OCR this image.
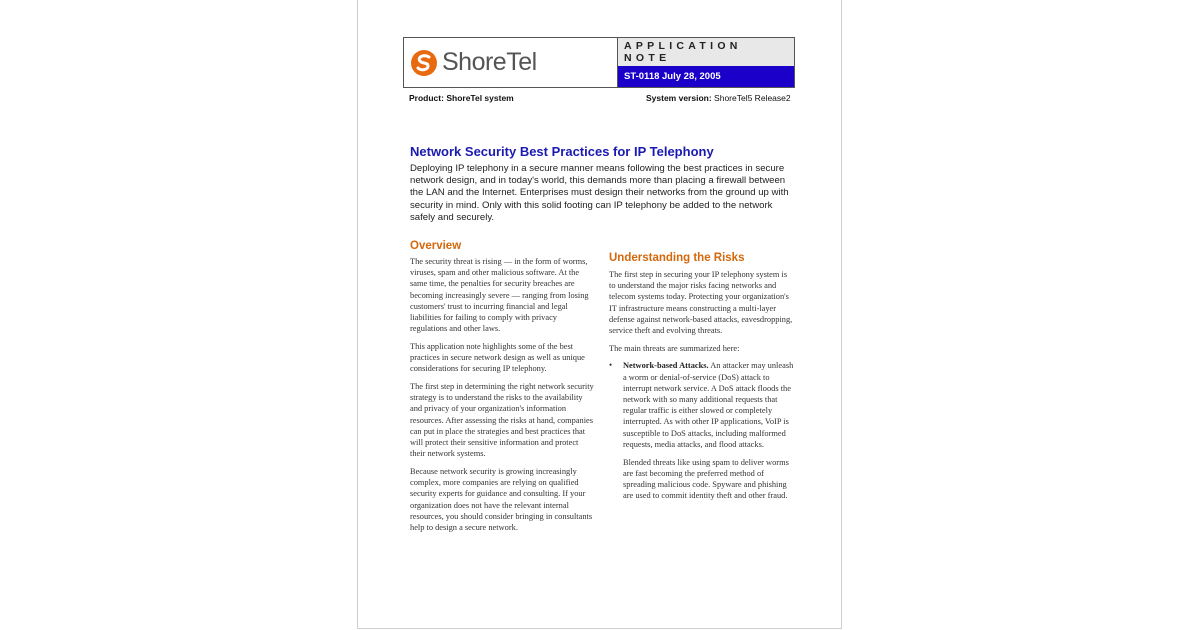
ShoreTel
APPLICATION NOTE
ST-0118 July 28, 2005
Product: ShoreTel system	System version: ShoreTel5 Release2
Network Security Best Practices for IP Telephony
Deploying IP telephony in a secure manner means following the best practices in secure network design, and in today's world, this demands more than placing a firewall between the LAN and the Internet. Enterprises must design their networks from the ground up with security in mind. Only with this solid footing can IP telephony be added to the network safely and securely.
Overview

The security threat is rising — in the form of worms, viruses, spam and other malicious software. At the same time, the penalties for security breaches are becoming increasingly severe — ranging from losing customers' trust to incurring financial and legal liabilities for failing to comply with privacy regulations and other laws.

This application note highlights some of the best practices in secure network design as well as unique considerations for securing IP telephony.

The first step in determining the right network security strategy is to understand the risks to the availability and privacy of your organization's information resources. After assessing the risks at hand, companies can put in place the strategies and best practices that will protect their sensitive information and protect their network systems.

Because network security is growing increasingly complex, more companies are relying on qualified security experts for guidance and consulting. If your organization does not have the relevant internal resources, you should consider bringing in consultants help to design a secure network.

Understanding the Risks

The first step in securing your IP telephony system is to understand the major risks facing networks and telecom systems today. Protecting your organization's IT infrastructure means constructing a multi-layer defense against network-based attacks, eavesdropping, service theft and evolving threats.

The main threats are summarized here:

•	Network-based Attacks. An attacker may unleash a worm or denial-of-service (DoS) attack to interrupt network service. A DoS attack floods the network with so many additional requests that regular traffic is either slowed or completely interrupted. As with other IP applications, VoIP is susceptible to DoS attacks, including malformed requests, media attacks, and flood attacks.

Blended threats like using spam to deliver worms are fast becoming the preferred method of spreading malicious code. Spyware and phishing are used to commit identity theft and other fraud.
